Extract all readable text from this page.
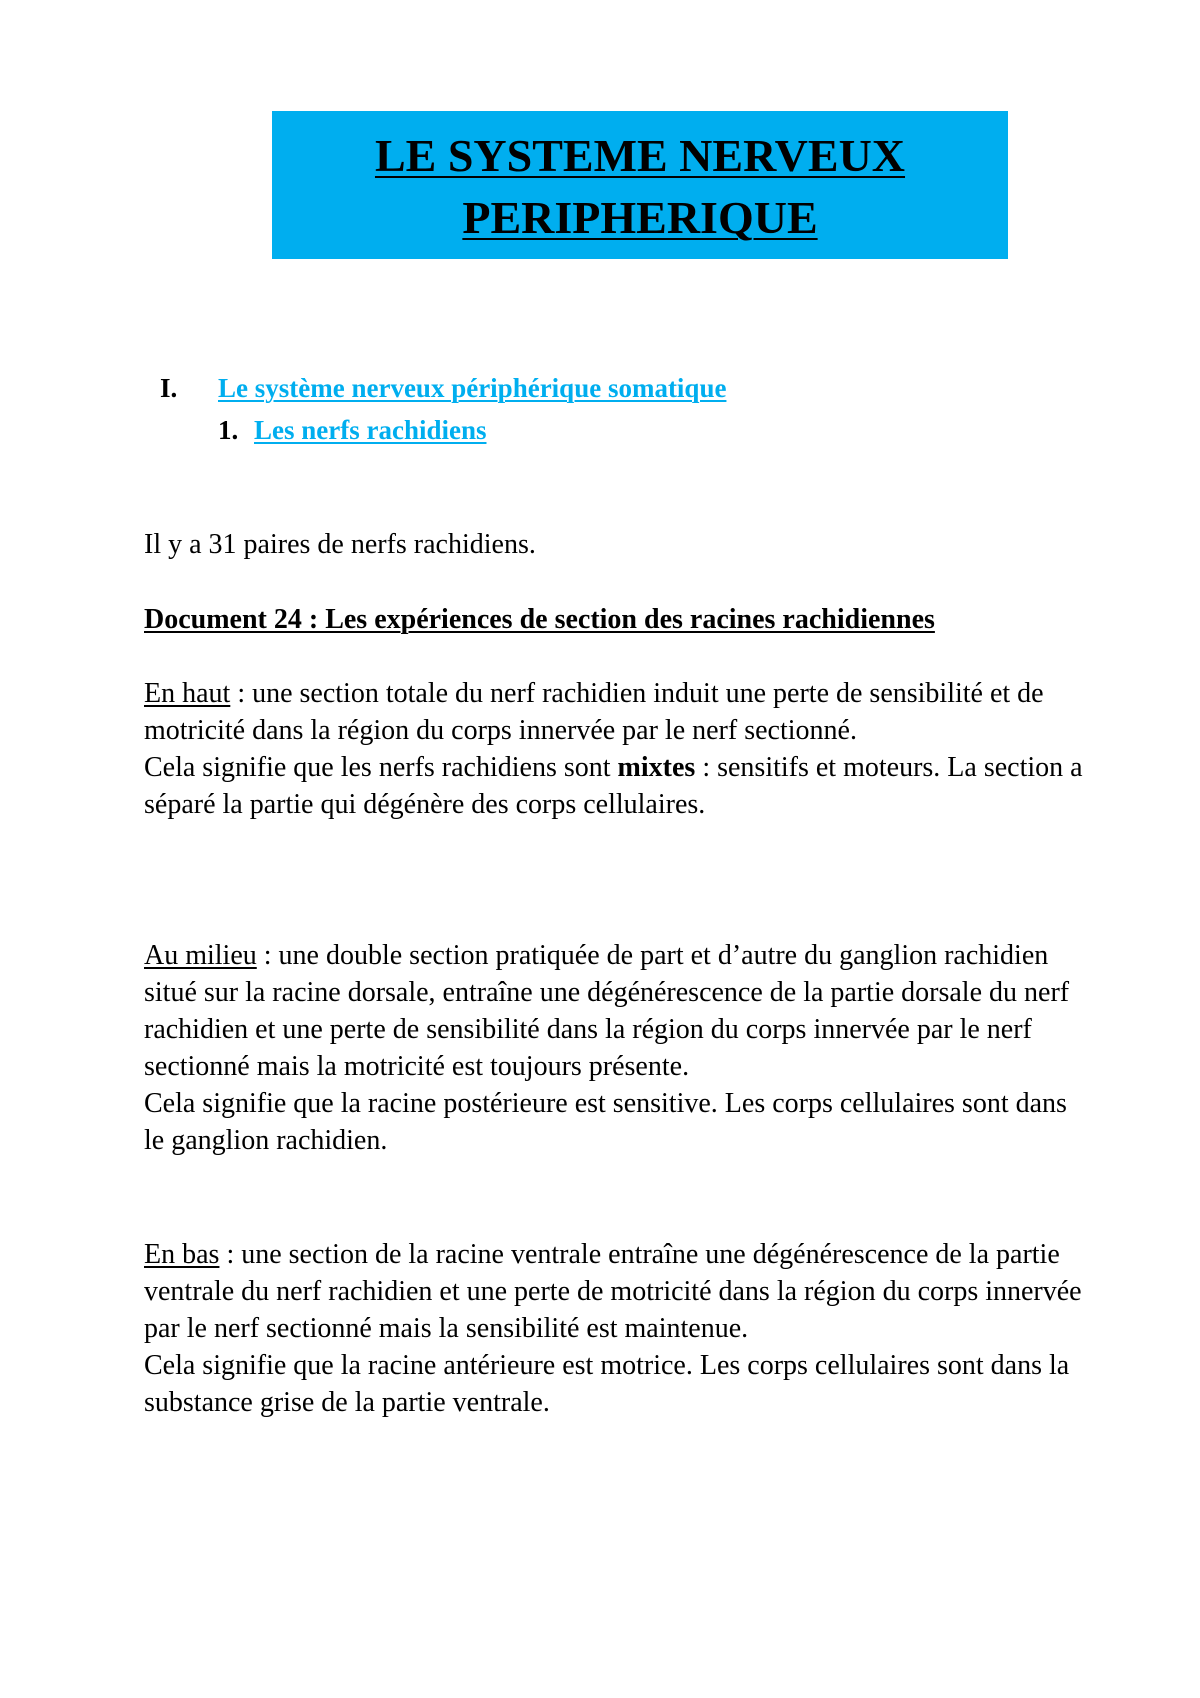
LE SYSTEME NERVEUX
PERIPHERIQUE
I. Le système nerveux périphérique somatique
1. Les nerfs rachidiens
Il y a 31 paires de nerfs rachidiens.
Document 24 : Les expériences de section des racines rachidiennes

En haut : une section totale du nerf rachidien induit une perte de sensibilité et de motricité dans la région du corps innervée par le nerf sectionné.

Cela signifie que les nerfs rachidiens sont mixtes : sensitifs et moteurs. La section a séparé la partie qui dégénère des corps cellulaires.

Au milieu : une double section pratiquée de part et d’autre du ganglion rachidien situé sur la racine dorsale, entraîne une dégénérescence de la partie dorsale du nerf rachidien et une perte de sensibilité dans la région du corps innervée par le nerf sectionné mais la motricité est toujours présente.

Cela signifie que la racine postérieure est sensitive. Les corps cellulaires sont dans le ganglion rachidien.

En bas : une section de la racine ventrale entraîne une dégénérescence de la partie ventrale du nerf rachidien et une perte de motricité dans la région du corps innervée par le nerf sectionné mais la sensibilité est maintenue.

Cela signifie que la racine antérieure est motrice. Les corps cellulaires sont dans la substance grise de la partie ventrale.
